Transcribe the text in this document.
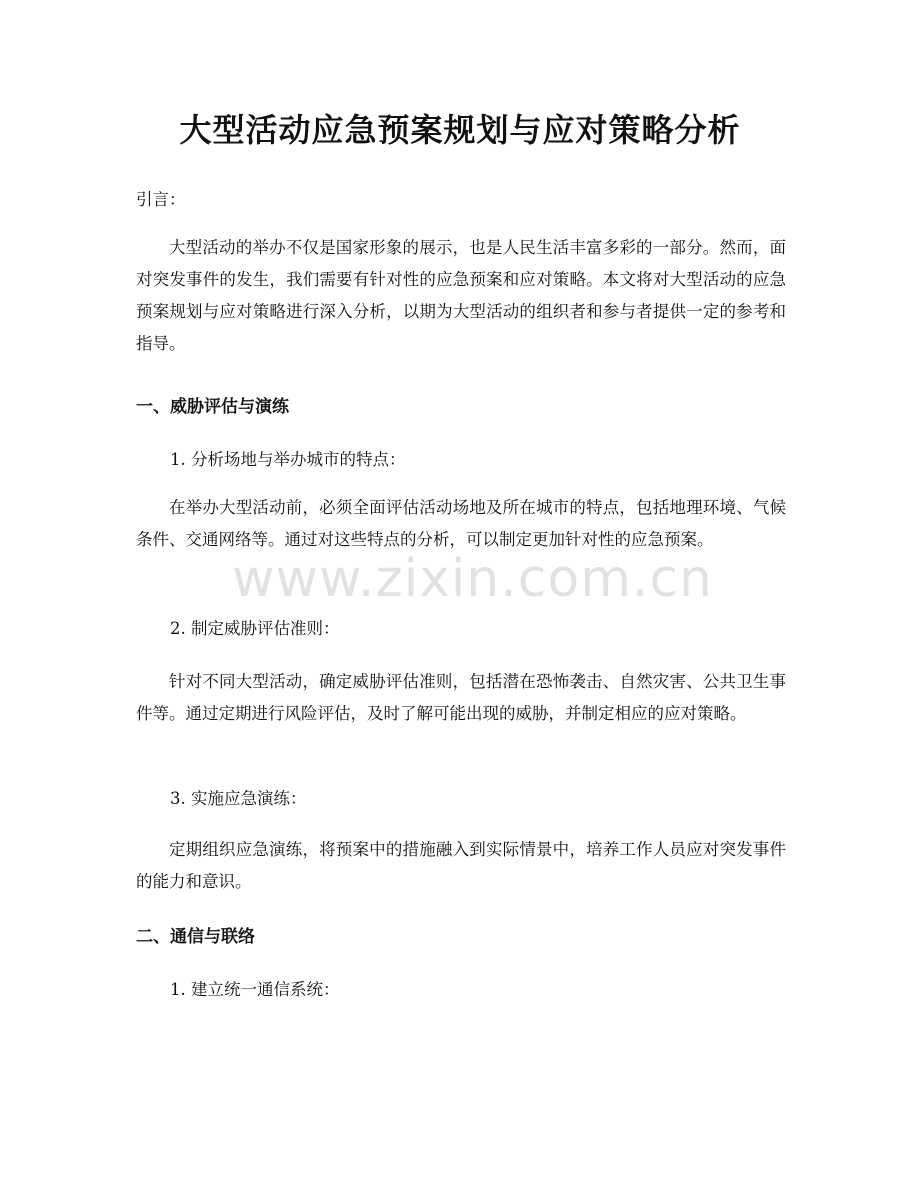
大型活动应急预案规划与应对策略分析

引言：

大型活动的举办不仅是国家形象的展示，也是人民生活丰富多彩的一部分。然而，面对突发事件的发生，我们需要有针对性的应急预案和应对策略。本文将对大型活动的应急预案规划与应对策略进行深入分析，以期为大型活动的组织者和参与者提供一定的参考和指导。

一、威胁评估与演练

1. 分析场地与举办城市的特点：

在举办大型活动前，必须全面评估活动场地及所在城市的特点，包括地理环境、气候条件、交通网络等。通过对这些特点的分析，可以制定更加针对性的应急预案。

2. 制定威胁评估准则：

针对不同大型活动，确定威胁评估准则，包括潜在恐怖袭击、自然灾害、公共卫生事件等。通过定期进行风险评估，及时了解可能出现的威胁，并制定相应的应对策略。

3. 实施应急演练：

定期组织应急演练，将预案中的措施融入到实际情景中，培养工作人员应对突发事件的能力和意识。

二、通信与联络

1. 建立统一通信系统：

www.zixin.com.cn
